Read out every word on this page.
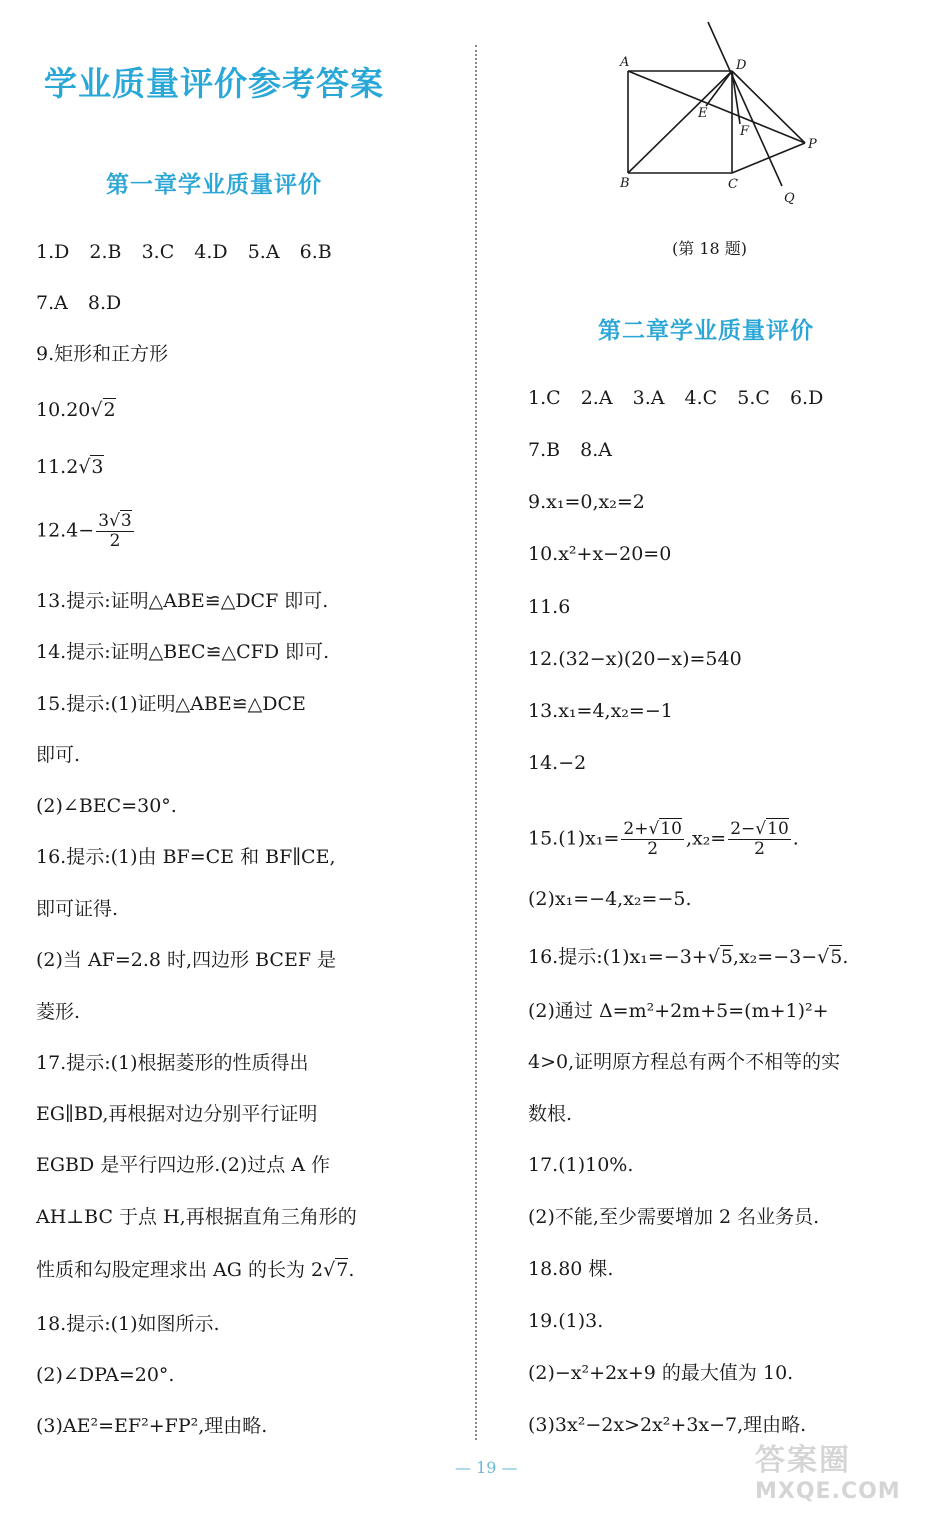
学业质量评价参考答案
第一章学业质量评价
1.D 2.B 3.C 4.D 5.A 6.B
7.A 8.D
9.矩形和正方形
10.20√2
11.2√3
$12.4- \frac{3√3}{2}$
13.提示:证明△ABE≌△DCF 即可.
14.提示:证明△BEC≌△CFD 即可.
15.提示:(1)证明△ABE≌△DCE
即可.
(2)∠BEC=30°.
16.提示:(1)由 BF=CE 和 BF∥CE,
即可证得.
(2)当 AF=2.8 时,四边形 BCEF 是
菱形.
17.提示:(1)根据菱形的性质得出
EG∥BD,再根据对边分别平行证明
EGBD 是平行四边形.(2)过点 A 作
AH⊥BC 于点 H,再根据直角三角形的
性质和勾股定理求出 AG 的长为 2√7.
18.提示:(1)如图所示.
(2)∠DPA=20°.
(3)AE²=EF²+FP²,理由略.
A	D
E
F
P
B	C
Q
(第 18 题)
第二章学业质量评价
1.C 2.A 3.A 4.C 5.C 6.D
7.B 8.A
9.x₁=0,x₂=2
10.x²+x−20=0
11.6
12.(32−x)(20−x)=540
13.x₁=4,x₂=−1
14.−2
$15.(1)x_1= \frac{2+√10}{2} ,x_2= \frac{2-√10}{2}$ .
(2)x₁=−4,x₂=−5.
16.提示:(1)x₁=−3+√5,x₂=−3−√5.
(2)通过 Δ=m²+2m+5=(m+1)²+
4>0,证明原方程总有两个不相等的实
数根.
17.(1)10%.
(2)不能,至少需要增加 2 名业务员.
18.80 棵.
19.(1)3.
(2)−x²+2x+9 的最大值为 10.
(3)3x²−2x>2x²+3x−7,理由略.
— 19 —	答案圈
MXQE.COM
